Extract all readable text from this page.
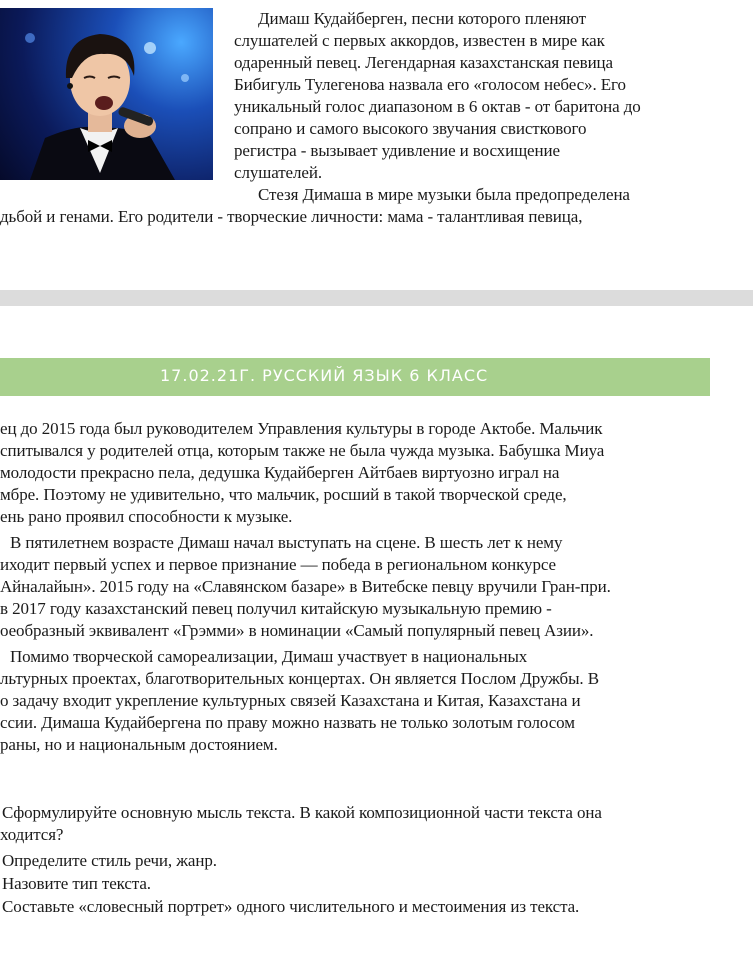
Димаш Кудайберген, песни которого пленяют
слушателей с первых аккордов, известен в мире как
одаренный певец. Легендарная казахстанская певица
Бибигуль Тулегенова назвала его «голосом небес». Его
уникальный голос диапазоном в 6 октав - от баритона до
сопрано и самого высокого звучания свисткового
регистра - вызывает удивление и восхищение
слушателей.
Стезя Димаша в мире музыки была предопределена
дьбой и генами. Его родители - творческие личности: мама - талантливая певица,
17.02.21Г. РУССКИЙ ЯЗЫК 6 КЛАСС
ец до 2015 года был руководителем Управления культуры в городе Актобе. Мальчик
спитывался у родителей отца, которым также не была чужда музыка. Бабушка Миуа
молодости прекрасно пела, дедушка Кудайберген Айтбаев виртуозно играл на
мбре. Поэтому не удивительно, что мальчик, росший в такой творческой среде,
ень рано проявил способности к музыке.
В пятилетнем возрасте Димаш начал выступать на сцене. В шесть лет к нему
иходит первый успех и первое признание — победа в региональном конкурсе
Айналайын». 2015 году на «Славянском базаре» в Витебске певцу вручили Гран-при.
в 2017 году казахстанский певец получил китайскую музыкальную премию -
оеобразный эквивалент «Грэмми» в номинации «Самый популярный певец Азии».
Помимо творческой самореализации, Димаш участвует в национальных
льтурных проектах, благотворительных концертах. Он является Послом Дружбы. В
о задачу входит укрепление культурных связей Казахстана и Китая, Казахстана и
ссии. Димаша Кудайбергена по праву можно назвать не только золотым голосом
раны, но и национальным достоянием.
Сформулируйте основную мысль текста. В какой композиционной части текста она
ходится?
Определите стиль речи, жанр.
Назовите тип текста.
Составьте «словесный портрет» одного числительного и местоимения из текста.
